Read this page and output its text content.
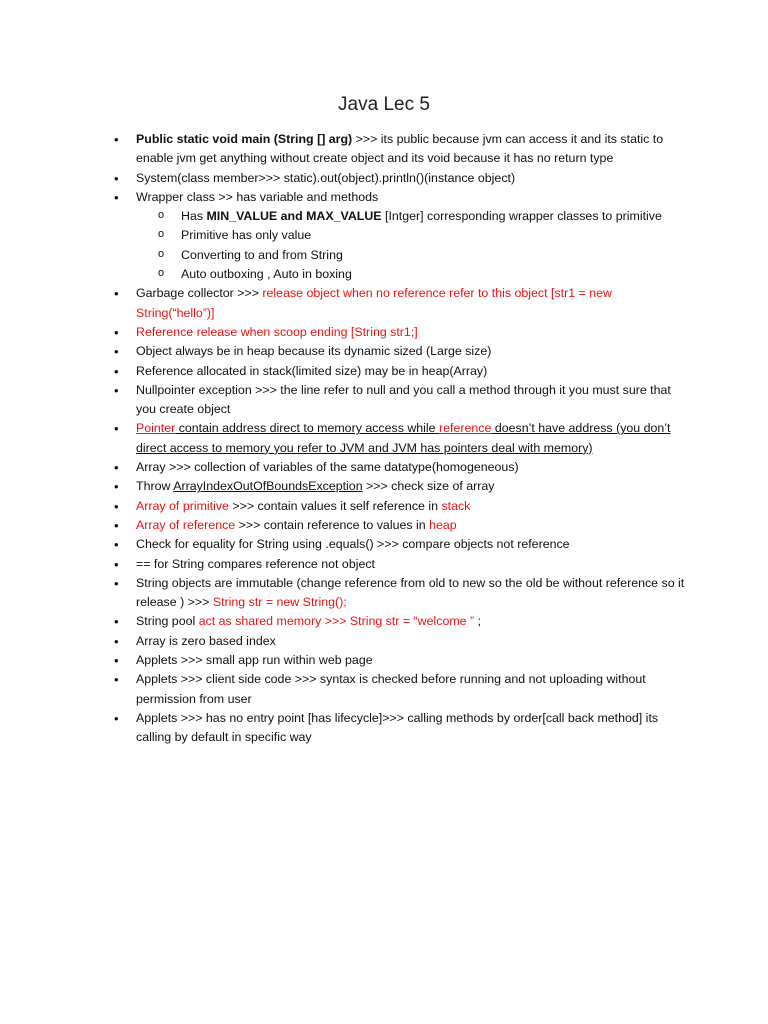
Java Lec 5
• Public static void main (String [] arg) >>> its public because jvm can access it and its static to enable jvm get anything without create object and its void because it has no return type
• System(class member>>> static).out(object).println()(instance object)
• Wrapper class >> has variable and methods
o Has MIN_VALUE and MAX_VALUE [Intger] corresponding wrapper classes to primitive
o Primitive has only value
o Converting to and from String
o Auto outboxing , Auto in boxing
• Garbage collector >>> release object when no reference refer to this object [str1 = new String(“hello”)]
• Reference release when scoop ending [String str1;]
• Object always be in heap because its dynamic sized (Large size)
• Reference allocated in stack(limited size) may be in heap(Array)
• Nullpointer exception >>> the line refer to null and you call a method through it you must sure that you create object
• Pointer contain address direct to memory access while reference doesn’t have address (you don’t direct access to memory you refer to JVM and JVM has pointers deal with memory)
• Array >>> collection of variables of the same datatype(homogeneous)
• Throw ArrayIndexOutOfBoundsException >>> check size of array
• Array of primitive >>> contain values it self reference in stack
• Array of reference >>> contain reference to values in heap
• Check for equality for String using .equals() >>> compare objects not reference
• == for String compares reference not object
• String objects are immutable (change reference from old to new so the old be without reference so it release ) >>> String str = new String();
• String pool act as shared memory >>> String str = “welcome ” ;
• Array is zero based index
• Applets >>> small app run within web page
• Applets >>> client side code >>> syntax is checked before running and not uploading without permission from user
• Applets >>> has no entry point [has lifecycle]>>> calling methods by order[call back method] its calling by default in specific way
